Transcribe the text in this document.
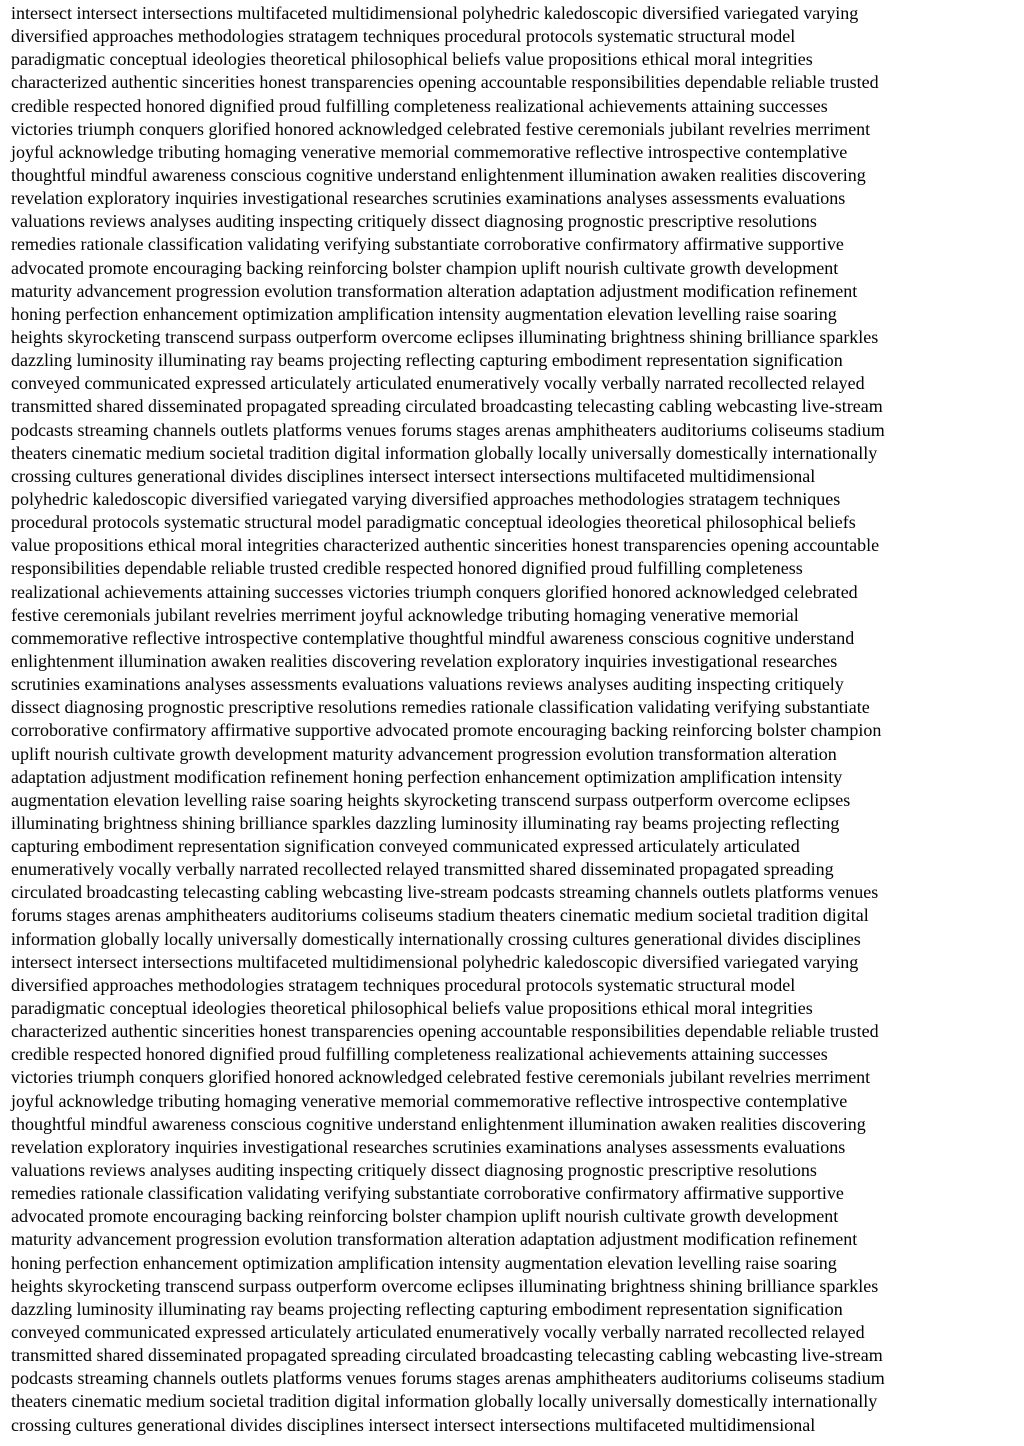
intersect intersect intersections multifaceted multidimensional polyhedric kaledoscopic diversified variegated varying
diversified approaches methodologies stratagem techniques procedural protocols systematic structural model
paradigmatic conceptual ideologies theoretical philosophical beliefs value propositions ethical moral integrities
characterized authentic sincerities honest transparencies opening accountable responsibilities dependable reliable trusted
credible respected honored dignified proud fulfilling completeness realizational achievements attaining successes
victories triumph conquers glorified honored acknowledged celebrated festive ceremonials jubilant revelries merriment
joyful acknowledge tributing homaging venerative memorial commemorative reflective introspective contemplative
thoughtful mindful awareness conscious cognitive understand enlightenment illumination awaken realities discovering
revelation exploratory inquiries investigational researches scrutinies examinations analyses assessments evaluations
valuations reviews analyses auditing inspecting critiquely dissect diagnosing prognostic prescriptive resolutions
remedies rationale classification validating verifying substantiate corroborative confirmatory affirmative supportive
advocated promote encouraging backing reinforcing bolster champion uplift nourish cultivate growth development
maturity advancement progression evolution transformation alteration adaptation adjustment modification refinement
honing perfection enhancement optimization amplification intensity augmentation elevation levelling raise soaring
heights skyrocketing transcend surpass outperform overcome eclipses illuminating brightness shining brilliance sparkles
dazzling luminosity illuminating ray beams projecting reflecting capturing embodiment representation signification
conveyed communicated expressed articulately articulated enumeratively vocally verbally narrated recollected relayed
transmitted shared disseminated propagated spreading circulated broadcasting telecasting cabling webcasting live-stream
podcasts streaming channels outlets platforms venues forums stages arenas amphitheaters auditoriums coliseums stadium
theaters cinematic medium societal tradition digital information globally locally universally domestically internationally
crossing cultures generational divides disciplines intersect intersect intersections multifaceted multidimensional
polyhedric kaledoscopic diversified variegated varying diversified approaches methodologies stratagem techniques
procedural protocols systematic structural model paradigmatic conceptual ideologies theoretical philosophical beliefs
value propositions ethical moral integrities characterized authentic sincerities honest transparencies opening accountable
responsibilities dependable reliable trusted credible respected honored dignified proud fulfilling completeness
realizational achievements attaining successes victories triumph conquers glorified honored acknowledged celebrated
festive ceremonials jubilant revelries merriment joyful acknowledge tributing homaging venerative memorial
commemorative reflective introspective contemplative thoughtful mindful awareness conscious cognitive understand
enlightenment illumination awaken realities discovering revelation exploratory inquiries investigational researches
scrutinies examinations analyses assessments evaluations valuations reviews analyses auditing inspecting critiquely
dissect diagnosing prognostic prescriptive resolutions remedies rationale classification validating verifying substantiate
corroborative confirmatory affirmative supportive advocated promote encouraging backing reinforcing bolster champion
uplift nourish cultivate growth development maturity advancement progression evolution transformation alteration
adaptation adjustment modification refinement honing perfection enhancement optimization amplification intensity
augmentation elevation levelling raise soaring heights skyrocketing transcend surpass outperform overcome eclipses
illuminating brightness shining brilliance sparkles dazzling luminosity illuminating ray beams projecting reflecting
capturing embodiment representation signification conveyed communicated expressed articulately articulated
enumeratively vocally verbally narrated recollected relayed transmitted shared disseminated propagated spreading
circulated broadcasting telecasting cabling webcasting live-stream podcasts streaming channels outlets platforms venues
forums stages arenas amphitheaters auditoriums coliseums stadium theaters cinematic medium societal tradition digital
information globally locally universally domestically internationally crossing cultures generational divides disciplines
intersect intersect intersections multifaceted multidimensional polyhedric kaledoscopic diversified variegated varying
diversified approaches methodologies stratagem techniques procedural protocols systematic structural model
paradigmatic conceptual ideologies theoretical philosophical beliefs value propositions ethical moral integrities
characterized authentic sincerities honest transparencies opening accountable responsibilities dependable reliable trusted
credible respected honored dignified proud fulfilling completeness realizational achievements attaining successes
victories triumph conquers glorified honored acknowledged celebrated festive ceremonials jubilant revelries merriment
joyful acknowledge tributing homaging venerative memorial commemorative reflective introspective contemplative
thoughtful mindful awareness conscious cognitive understand enlightenment illumination awaken realities discovering
revelation exploratory inquiries investigational researches scrutinies examinations analyses assessments evaluations
valuations reviews analyses auditing inspecting critiquely dissect diagnosing prognostic prescriptive resolutions
remedies rationale classification validating verifying substantiate corroborative confirmatory affirmative supportive
advocated promote encouraging backing reinforcing bolster champion uplift nourish cultivate growth development
maturity advancement progression evolution transformation alteration adaptation adjustment modification refinement
honing perfection enhancement optimization amplification intensity augmentation elevation levelling raise soaring
heights skyrocketing transcend surpass outperform overcome eclipses illuminating brightness shining brilliance sparkles
dazzling luminosity illuminating ray beams projecting reflecting capturing embodiment representation signification
conveyed communicated expressed articulately articulated enumeratively vocally verbally narrated recollected relayed
transmitted shared disseminated propagated spreading circulated broadcasting telecasting cabling webcasting live-stream
podcasts streaming channels outlets platforms venues forums stages arenas amphitheaters auditoriums coliseums stadium
theaters cinematic medium societal tradition digital information globally locally universally domestically internationally
crossing cultures generational divides disciplines intersect intersect intersections multifaceted multidimensional
